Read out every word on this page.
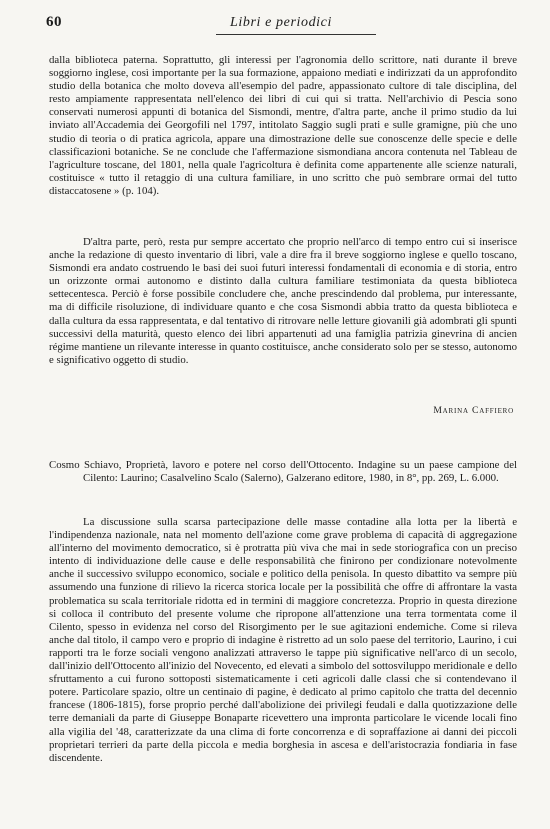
60	Libri e periodici

dalla biblioteca paterna. Soprattutto, gli interessi per l'agronomia dello scrittore, nati durante il breve soggiorno inglese, così importante per la sua formazione, appaiono mediati e indirizzati da un approfondito studio della botanica che molto doveva all'esempio del padre, appassionato cultore di tale disciplina, del resto ampiamente rappresentata nell'elenco dei libri di cui qui si tratta. Nell'archivio di Pescia sono conservati numerosi appunti di botanica del Sismondi, mentre, d'altra parte, anche il primo studio da lui inviato all'Accademia dei Georgofili nel 1797, intitolato Saggio sugli prati e sulle gramigne, più che uno studio di teoria o di pratica agricola, appare una dimostrazione delle sue conoscenze delle specie e delle classificazioni botaniche. Se ne conclude che l'affermazione sismondiana ancora contenuta nel Tableau de l'agriculture toscane, del 1801, nella quale l'agricoltura è definita come appartenente alle scienze naturali, costituisce « tutto il retaggio di una cultura familiare, in uno scritto che può sembrare ormai del tutto distaccatosene » (p. 104).

D'altra parte, però, resta pur sempre accertato che proprio nell'arco di tempo entro cui si inserisce anche la redazione di questo inventario di libri, vale a dire fra il breve soggiorno inglese e quello toscano, Sismondi era andato costruendo le basi dei suoi futuri interessi fondamentali di economia e di storia, entro un orizzonte ormai autonomo e distinto dalla cultura familiare testimoniata da questa biblioteca settecentesca. Perciò è forse possibile concludere che, anche prescindendo dal problema, pur interessante, ma di difficile risoluzione, di individuare quanto e che cosa Sismondi abbia tratto da questa biblioteca e dalla cultura da essa rappresentata, e dal tentativo di ritrovare nelle letture giovanili già adombrati gli spunti successivi della maturità, questo elenco dei libri appartenuti ad una famiglia patrizia ginevrina di ancien régime mantiene un rilevante interesse in quanto costituisce, anche considerato solo per se stesso, autonomo e significativo oggetto di studio.

Marina Caffiero

Cosmo Schiavo, Proprietà, lavoro e potere nel corso dell'Ottocento. Indagine su un paese campione del Cilento: Laurino; Casalvelino Scalo (Salerno), Galzerano editore, 1980, in 8°, pp. 269, L. 6.000.

La discussione sulla scarsa partecipazione delle masse contadine alla lotta per la libertà e l'indipendenza nazionale, nata nel momento dell'azione come grave problema di capacità di aggregazione all'interno del movimento democratico, si è protratta più viva che mai in sede storiografica con un preciso intento di individuazione delle cause e delle responsabilità che finirono per condizionare notevolmente anche il successivo sviluppo economico, sociale e politico della penisola. In questo dibattito va sempre più assumendo una funzione di rilievo la ricerca storica locale per la possibilità che offre di affrontare la vasta problematica su scala territoriale ridotta ed in termini di maggiore concretezza. Proprio in questa direzione si colloca il contributo del presente volume che ripropone all'attenzione una terra tormentata come il Cilento, spesso in evidenza nel corso del Risorgimento per le sue agitazioni endemiche. Come si rileva anche dal titolo, il campo vero e proprio di indagine è ristretto ad un solo paese del territorio, Laurino, i cui rapporti tra le forze sociali vengono analizzati attraverso le tappe più significative nell'arco di un secolo, dall'inizio dell'Ottocento all'inizio del Novecento, ed elevati a simbolo del sottosviluppo meridionale e dello sfruttamento a cui furono sottoposti sistematicamente i ceti agricoli dalle classi che si contendevano il potere. Particolare spazio, oltre un centinaio di pagine, è dedicato al primo capitolo che tratta del decennio francese (1806-1815), forse proprio perché dall'abolizione dei privilegi feudali e dalla quotizzazione delle terre demaniali da parte di Giuseppe Bonaparte ricevettero una impronta particolare le vicende locali fino alla vigilia del '48, caratterizzate da una clima di forte concorrenza e di sopraffazione ai danni dei piccoli proprietari terrieri da parte della piccola e media borghesia in ascesa e dell'aristocrazia fondiaria in fase discendente.
